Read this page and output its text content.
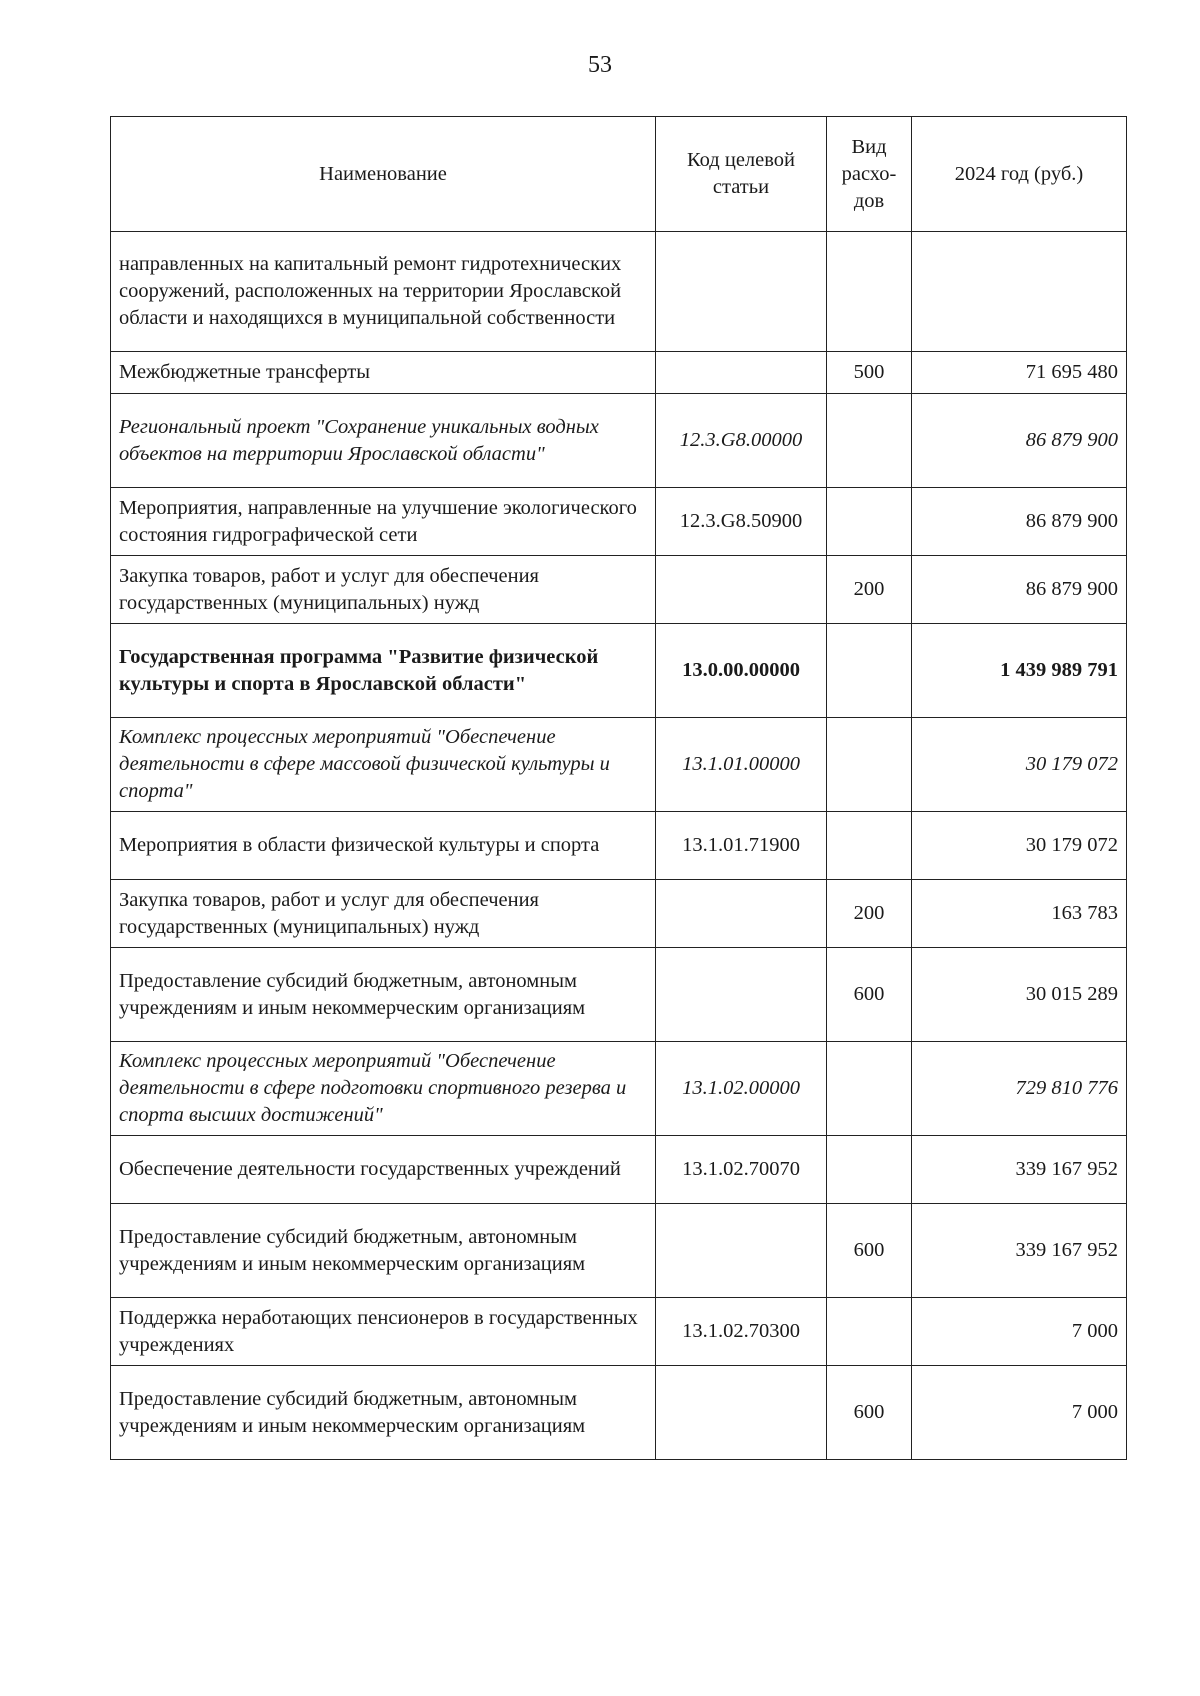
53
Наименование	Код целевой статьи	Вид расхо-дов	2024 год (руб.)
направленных на капитальный ремонт гидротехнических сооружений, расположенных на территории Ярославской области и находящихся в муниципальной собственности			
Межбюджетные трансферты		500	71 695 480
Региональный проект "Сохранение уникальных водных объектов на территории Ярославской области"	12.3.G8.00000		86 879 900
Мероприятия, направленные на улучшение экологического состояния гидрографической сети	12.3.G8.50900		86 879 900
Закупка товаров, работ и услуг для обеспечения государственных (муниципальных) нужд		200	86 879 900
Государственная программа "Развитие физической культуры и спорта в Ярославской области"	13.0.00.00000		1 439 989 791
Комплекс процессных мероприятий "Обеспечение деятельности в сфере массовой физической культуры и спорта"	13.1.01.00000		30 179 072
Мероприятия в области физической культуры и спорта	13.1.01.71900		30 179 072
Закупка товаров, работ и услуг для обеспечения государственных (муниципальных) нужд		200	163 783
Предоставление субсидий бюджетным, автономным учреждениям и иным некоммерческим организациям		600	30 015 289
Комплекс процессных мероприятий "Обеспечение деятельности в сфере подготовки спортивного резерва и спорта высших достижений"	13.1.02.00000		729 810 776
Обеспечение деятельности государственных учреждений	13.1.02.70070		339 167 952
Предоставление субсидий бюджетным, автономным учреждениям и иным некоммерческим организациям		600	339 167 952
Поддержка неработающих пенсионеров в государственных учреждениях	13.1.02.70300		7 000
Предоставление субсидий бюджетным, автономным учреждениям и иным некоммерческим организациям		600	7 000
